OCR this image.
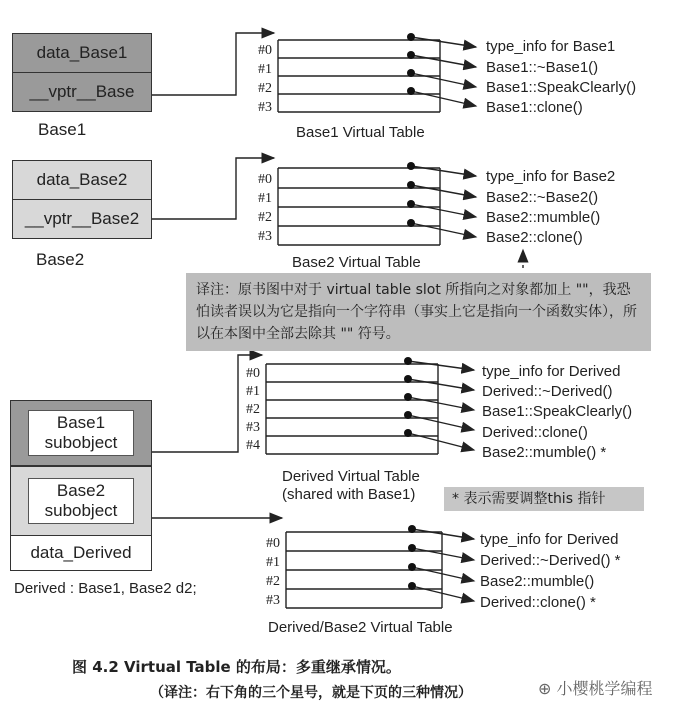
data_Base1
__vptr__Base
Base1
#0
#1
#2
#3
type_info for Base1
Base1::~Base1()
Base1::SpeakClearly()
Base1::clone()
Base1 Virtual Table
data_Base2
__vptr__Base2
Base2
#0
#1
#2
#3
type_info for Base2
Base2::~Base2()
Base2::mumble()
Base2::clone()
Base2 Virtual Table
译注：原书图中对于 virtual table slot 所指向之对象都加上 ""，我恐怕读者误以为它是指向一个字符串（事实上它是指向一个函数实体），所以在本图中全部去除其 "" 符号。
Base1 subobject
Base2 subobject
data_Derived
Derived : Base1, Base2 d2;
#0
#1
#2
#3
#4
type_info for Derived
Derived::~Derived()
Base1::SpeakClearly()
Derived::clone()
Base2::mumble() *
Derived Virtual Table
(shared with Base1)	* 表示需要调整this 指针
#0
#1
#2
#3
type_info for Derived
Derived::~Derived() *
Base2::mumble()
Derived::clone() *
Derived/Base2 Virtual Table
图 4.2 Virtual Table 的布局：多重继承情况。
（译注：右下角的三个星号，就是下页的三种情况）	⊕ 小樱桃学编程
